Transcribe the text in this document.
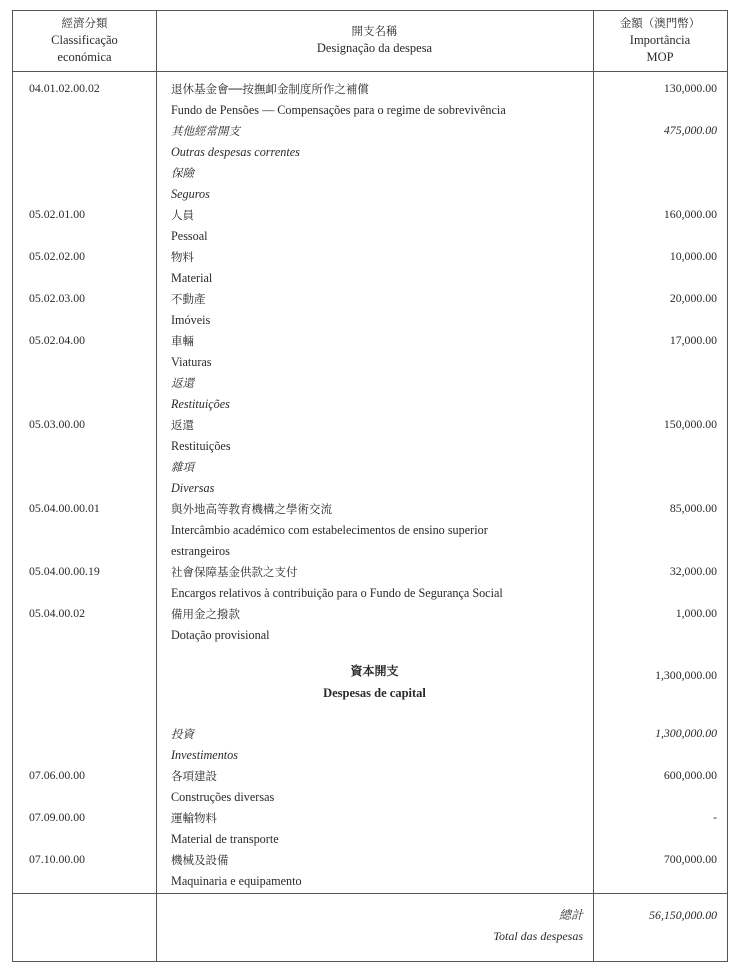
經濟分類
Classificação
económica
開支名稱
Designação da despesa
金額（澳門幣）
Importância
MOP
04.01.02.00.02	退休基金會──按撫卹金制度所作之補償
Fundo de Pensões — Compensações para o regime de sobrevivência
130,000.00
其他經常開支
Outras despesas correntes
475,000.00
保險
Seguros
05.02.01.00	人員
Pessoal
160,000.00
05.02.02.00	物料
Material
10,000.00
05.02.03.00	不動產
Imóveis
20,000.00
05.02.04.00	車輛
Viaturas
17,000.00
返還
Restituições
05.03.00.00	返還
Restituições
150,000.00
雜項
Diversas
05.04.00.00.01	與外地高等教育機構之學術交流
Intercâmbio académico com estabelecimentos de ensino superior
estrangeiros
85,000.00
05.04.00.00.19	社會保障基金供款之支付
Encargos relativos à contribuição para o Fundo de Segurança Social
32,000.00
05.04.00.02	備用金之撥款
Dotação provisional
1,000.00
資本開支
Despesas de capital
1,300,000.00
投資
Investimentos
1,300,000.00
07.06.00.00	各項建設
Construções diversas
600,000.00
07.09.00.00	運輸物料
Material de transporte
-
07.10.00.00	機械及設備
Maquinaria e equipamento
700,000.00
總計
Total das despesas
56,150,000.00
